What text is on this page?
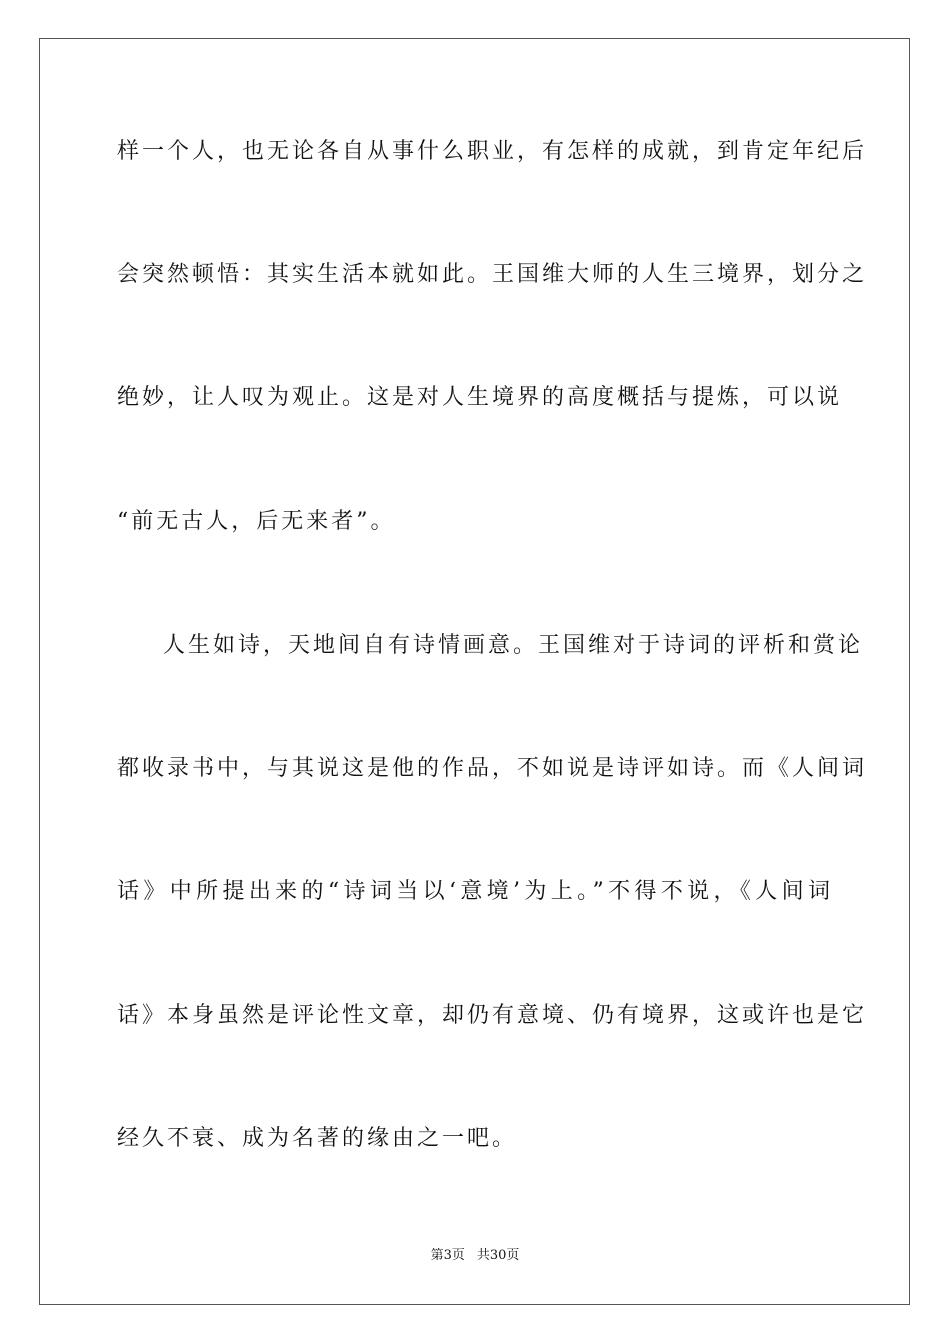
样一个人，也无论各自从事什么职业，有怎样的成就，到肯定年纪后
会突然顿悟：其实生活本就如此。王国维大师的人生三境界，划分之
绝妙，让人叹为观止。这是对人生境界的高度概括与提炼，可以说
“前无古人，后无来者”。
人生如诗，天地间自有诗情画意。王国维对于诗词的评析和赏论
都收录书中，与其说这是他的作品，不如说是诗评如诗。而《人间词
话》中所提出来的“诗词当以‘意境’为上。”不得不说，《人间词
话》本身虽然是评论性文章，却仍有意境、仍有境界，这或许也是它
经久不衰、成为名著的缘由之一吧。
第3页 共30页
